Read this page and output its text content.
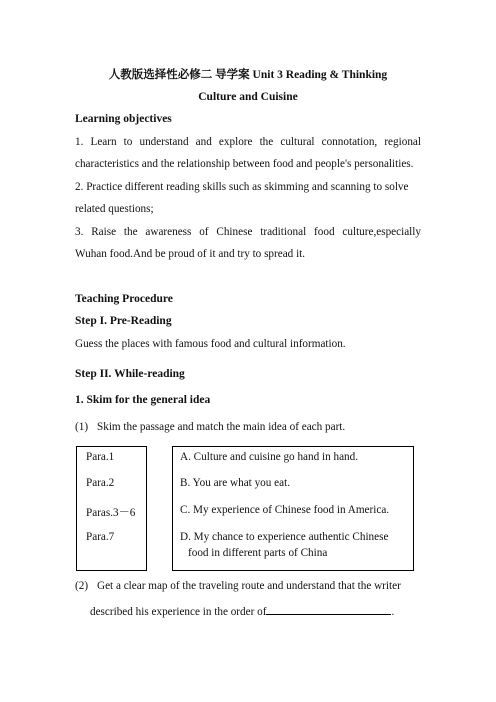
人教版选择性必修二 导学案 Unit 3 Reading & Thinking
Culture and Cuisine
Learning objectives
1. Learn to understand and explore the cultural connotation, regional
characteristics and the relationship between food and people's personalities.
2. Practice different reading skills such as skimming and scanning to solve
related questions;
3. Raise the awareness of Chinese traditional food culture,especially
Wuhan food.And be proud of it and try to spread it.
Teaching Procedure
Step I. Pre-Reading
Guess the places with famous food and cultural information.
Step II. While-reading
1. Skim for the general idea
(1) Skim the passage and match the main idea of each part.
Para.1
Para.2
Paras.3－6
Para.7
A. Culture and cuisine go hand in hand.
B. You are what you eat.
C. My experience of Chinese food in America.
D. My chance to experience authentic Chinese
food in different parts of China
(2) Get a clear map of the traveling route and understand that the writer
described his experience in the order of	.
